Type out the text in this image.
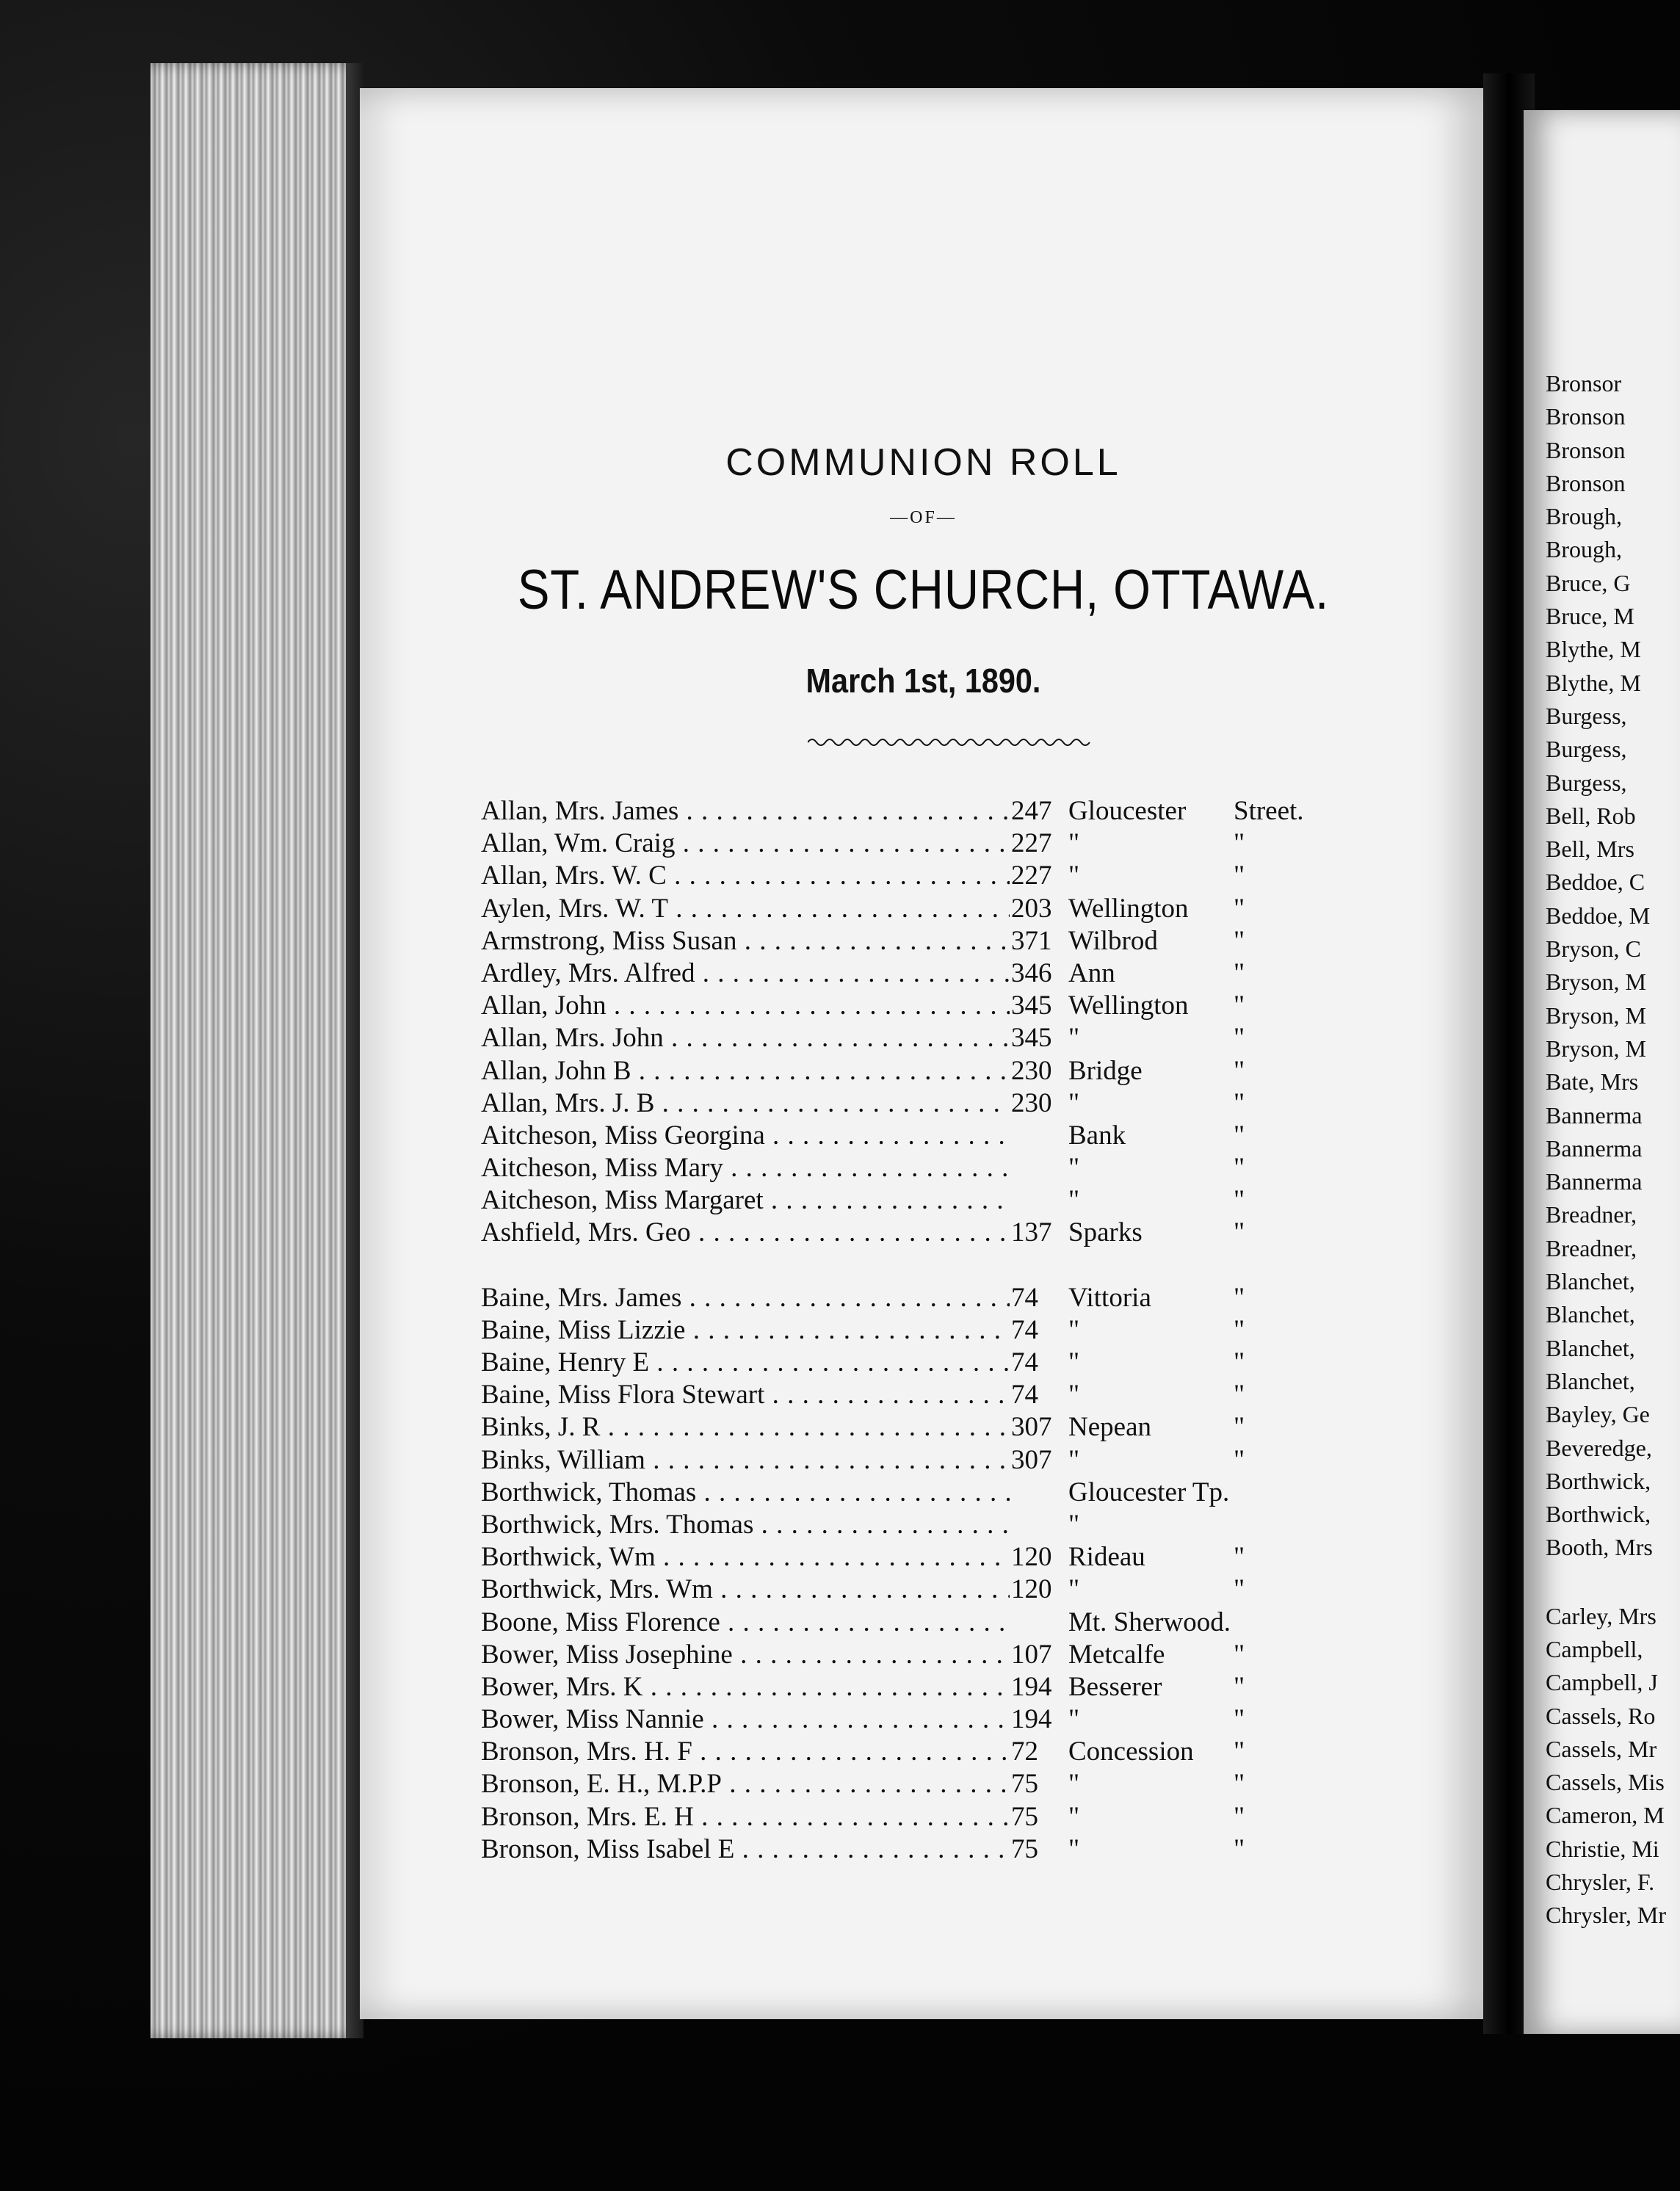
Bronsor
Bronson
Bronson
Bronson
Brough,
Brough,
Bruce, G
Bruce, M
Blythe, M
Blythe, M
Burgess,
Burgess,
Burgess,
Bell, Rob
Bell, Mrs
Beddoe, C
Beddoe, M
Bryson, C
Bryson, M
Bryson, M
Bryson, M
Bate, Mrs
Bannerma
Bannerma
Bannerma
Breadner,
Breadner,
Blanchet,
Blanchet,
Blanchet,
Blanchet,
Bayley, Ge
Beveredge,
Borthwick,
Borthwick,
Booth, Mrs
Carley, Mrs
Campbell,
Campbell, J
Cassels, Ro
Cassels, Mr
Cassels, Mis
Cameron, M
Christie, Mi
Chrysler, F.
Chrysler, Mr
COMMUNION ROLL
—OF—
ST. ANDREW'S CHURCH, OTTAWA.
March 1st, 1890.
Allan, Mrs. James . . .	247 Gloucester	Street.
Allan, Wm. Craig . . .	227 "	"
Allan, Mrs. W. C . . .	227 "	"
Aylen, Mrs. W. T . . .	203 Wellington	"
Armstrong, Miss Susan . . .	371 Wilbrod	"
Ardley, Mrs. Alfred . . .	346 Ann	"
Allan, John . . .	345 Wellington	"
Allan, Mrs. John . . .	345 "	"
Allan, John B . . .	230 Bridge	"
Allan, Mrs. J. B . . .	230 "	"
Aitcheson, Miss Georgina . . .	Bank	"
Aitcheson, Miss Mary . . .	"	"
Aitcheson, Miss Margaret . . .	"	"
Ashfield, Mrs. Geo . . .	137 Sparks	"
Baine, Mrs. James . . .	74	Vittoria	"
Baine, Miss Lizzie . . .	74	"	"
Baine, Henry E . . .	74	"	"
Baine, Miss Flora Stewart . . .	74	"	"
Binks, J. R . . .	307 Nepean	"
Binks, William . . .	307 "	"
Borthwick, Thomas . . .	Gloucester Tp.
Borthwick, Mrs. Thomas . . .	"
Borthwick, Wm . . .	120 Rideau	"
Borthwick, Mrs. Wm . . .	120 "	"
Boone, Miss Florence . . .	Mt. Sherwood.
Bower, Miss Josephine . . .	107 Metcalfe	"
Bower, Mrs. K . . .	194 Besserer	"
Bower, Miss Nannie . . .	194 "	"
Bronson, Mrs. H. F . . .	72	Concession	"
Bronson, E. H., M.P.P . . .	75	"	"
Bronson, Mrs. E. H . . .	75	"	"
Bronson, Miss Isabel E . . .	75	"	"
